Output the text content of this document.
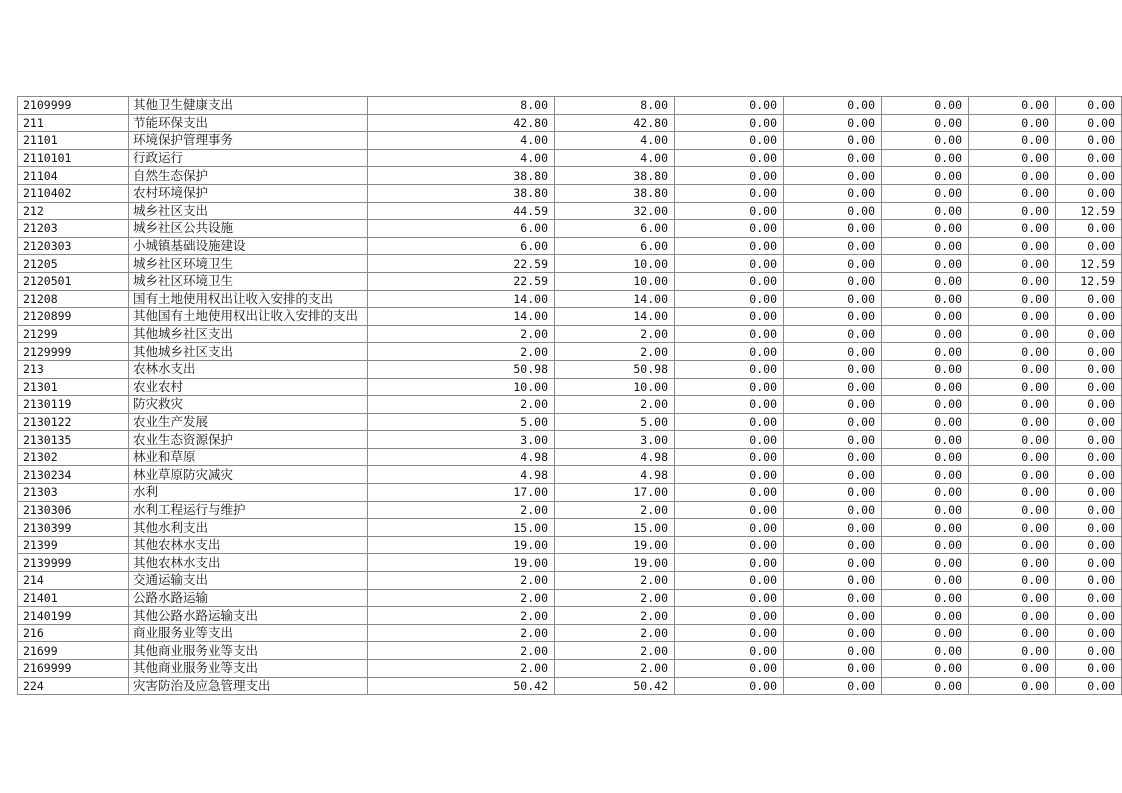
2109999	其他卫生健康支出	8.00	8.00	0.00	0.00	0.00	0.00	0.00
211	节能环保支出	42.80	42.80	0.00	0.00	0.00	0.00	0.00
21101	环境保护管理事务	4.00	4.00	0.00	0.00	0.00	0.00	0.00
2110101	行政运行	4.00	4.00	0.00	0.00	0.00	0.00	0.00
21104	自然生态保护	38.80	38.80	0.00	0.00	0.00	0.00	0.00
2110402	农村环境保护	38.80	38.80	0.00	0.00	0.00	0.00	0.00
212	城乡社区支出	44.59	32.00	0.00	0.00	0.00	0.00	12.59
21203	城乡社区公共设施	6.00	6.00	0.00	0.00	0.00	0.00	0.00
2120303	小城镇基础设施建设	6.00	6.00	0.00	0.00	0.00	0.00	0.00
21205	城乡社区环境卫生	22.59	10.00	0.00	0.00	0.00	0.00	12.59
2120501	城乡社区环境卫生	22.59	10.00	0.00	0.00	0.00	0.00	12.59
21208	国有土地使用权出让收入安排的支出	14.00	14.00	0.00	0.00	0.00	0.00	0.00
2120899	其他国有土地使用权出让收入安排的支出	14.00	14.00	0.00	0.00	0.00	0.00	0.00
21299	其他城乡社区支出	2.00	2.00	0.00	0.00	0.00	0.00	0.00
2129999	其他城乡社区支出	2.00	2.00	0.00	0.00	0.00	0.00	0.00
213	农林水支出	50.98	50.98	0.00	0.00	0.00	0.00	0.00
21301	农业农村	10.00	10.00	0.00	0.00	0.00	0.00	0.00
2130119	防灾救灾	2.00	2.00	0.00	0.00	0.00	0.00	0.00
2130122	农业生产发展	5.00	5.00	0.00	0.00	0.00	0.00	0.00
2130135	农业生态资源保护	3.00	3.00	0.00	0.00	0.00	0.00	0.00
21302	林业和草原	4.98	4.98	0.00	0.00	0.00	0.00	0.00
2130234	林业草原防灾减灾	4.98	4.98	0.00	0.00	0.00	0.00	0.00
21303	水利	17.00	17.00	0.00	0.00	0.00	0.00	0.00
2130306	水利工程运行与维护	2.00	2.00	0.00	0.00	0.00	0.00	0.00
2130399	其他水利支出	15.00	15.00	0.00	0.00	0.00	0.00	0.00
21399	其他农林水支出	19.00	19.00	0.00	0.00	0.00	0.00	0.00
2139999	其他农林水支出	19.00	19.00	0.00	0.00	0.00	0.00	0.00
214	交通运输支出	2.00	2.00	0.00	0.00	0.00	0.00	0.00
21401	公路水路运输	2.00	2.00	0.00	0.00	0.00	0.00	0.00
2140199	其他公路水路运输支出	2.00	2.00	0.00	0.00	0.00	0.00	0.00
216	商业服务业等支出	2.00	2.00	0.00	0.00	0.00	0.00	0.00
21699	其他商业服务业等支出	2.00	2.00	0.00	0.00	0.00	0.00	0.00
2169999	其他商业服务业等支出	2.00	2.00	0.00	0.00	0.00	0.00	0.00
224	灾害防治及应急管理支出	50.42	50.42	0.00	0.00	0.00	0.00	0.00
